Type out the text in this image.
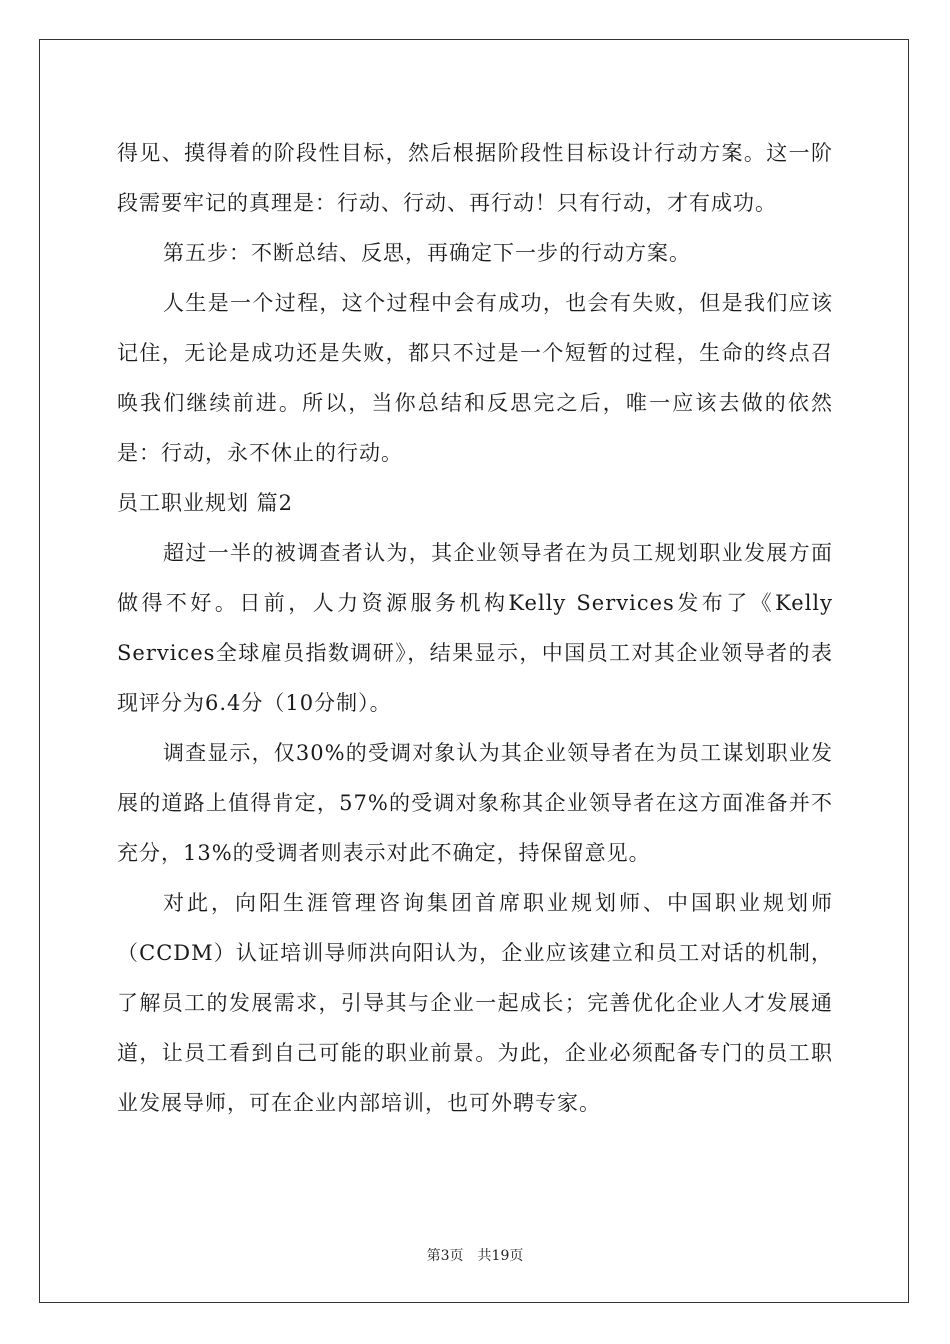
得见、摸得着的阶段性目标，然后根据阶段性目标设计行动方案。这一阶段需要牢记的真理是：行动、行动、再行动！只有行动，才有成功。

第五步：不断总结、反思，再确定下一步的行动方案。

人生是一个过程，这个过程中会有成功，也会有失败，但是我们应该记住，无论是成功还是失败，都只不过是一个短暂的过程，生命的终点召唤我们继续前进。所以，当你总结和反思完之后，唯一应该去做的依然是：行动，永不休止的行动。

员工职业规划 篇2

超过一半的被调查者认为，其企业领导者在为员工规划职业发展方面做得不好。日前，人力资源服务机构Kelly Services发布了《Kelly Services全球雇员指数调研》，结果显示，中国员工对其企业领导者的表现评分为6.4分（10分制）。

调查显示，仅30%的受调对象认为其企业领导者在为员工谋划职业发展的道路上值得肯定，57%的受调对象称其企业领导者在这方面准备并不充分，13%的受调者则表示对此不确定，持保留意见。

对此，向阳生涯管理咨询集团首席职业规划师、中国职业规划师（CCDM）认证培训导师洪向阳认为，企业应该建立和员工对话的机制，了解员工的发展需求，引导其与企业一起成长；完善优化企业人才发展通道，让员工看到自己可能的职业前景。为此，企业必须配备专门的员工职业发展导师，可在企业内部培训，也可外聘专家。

第3页　共19页
